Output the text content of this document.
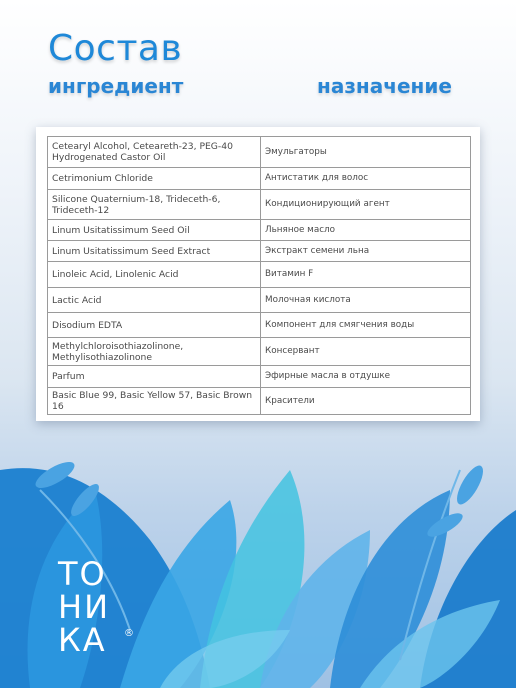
Состав
ингредиент	назначение
Cetearyl Alcohol, Ceteareth-23, PEG-40 Hydrogenated Castor Oil	Эмульгаторы
Cetrimonium Chloride	Антистатик для волос
Silicone Quaternium-18, Trideceth-6, Trideceth-12	Кондиционирующий агент
Linum Usitatissimum Seed Oil	Льняное масло
Linum Usitatissimum Seed Extract	Экстракт семени льна
Linoleic Acid, Linolenic Acid	Витамин F
Lactic Acid	Молочная кислота
Disodium EDTA	Компонент для смягчения воды
Methylchloroisothiazolinone, Methylisothiazolinone	Консервант
Parfum	Эфирные масла в отдушке
Basic Blue 99, Basic Yellow 57, Basic Brown 16	Красители
ТО
НИ
КА ®
